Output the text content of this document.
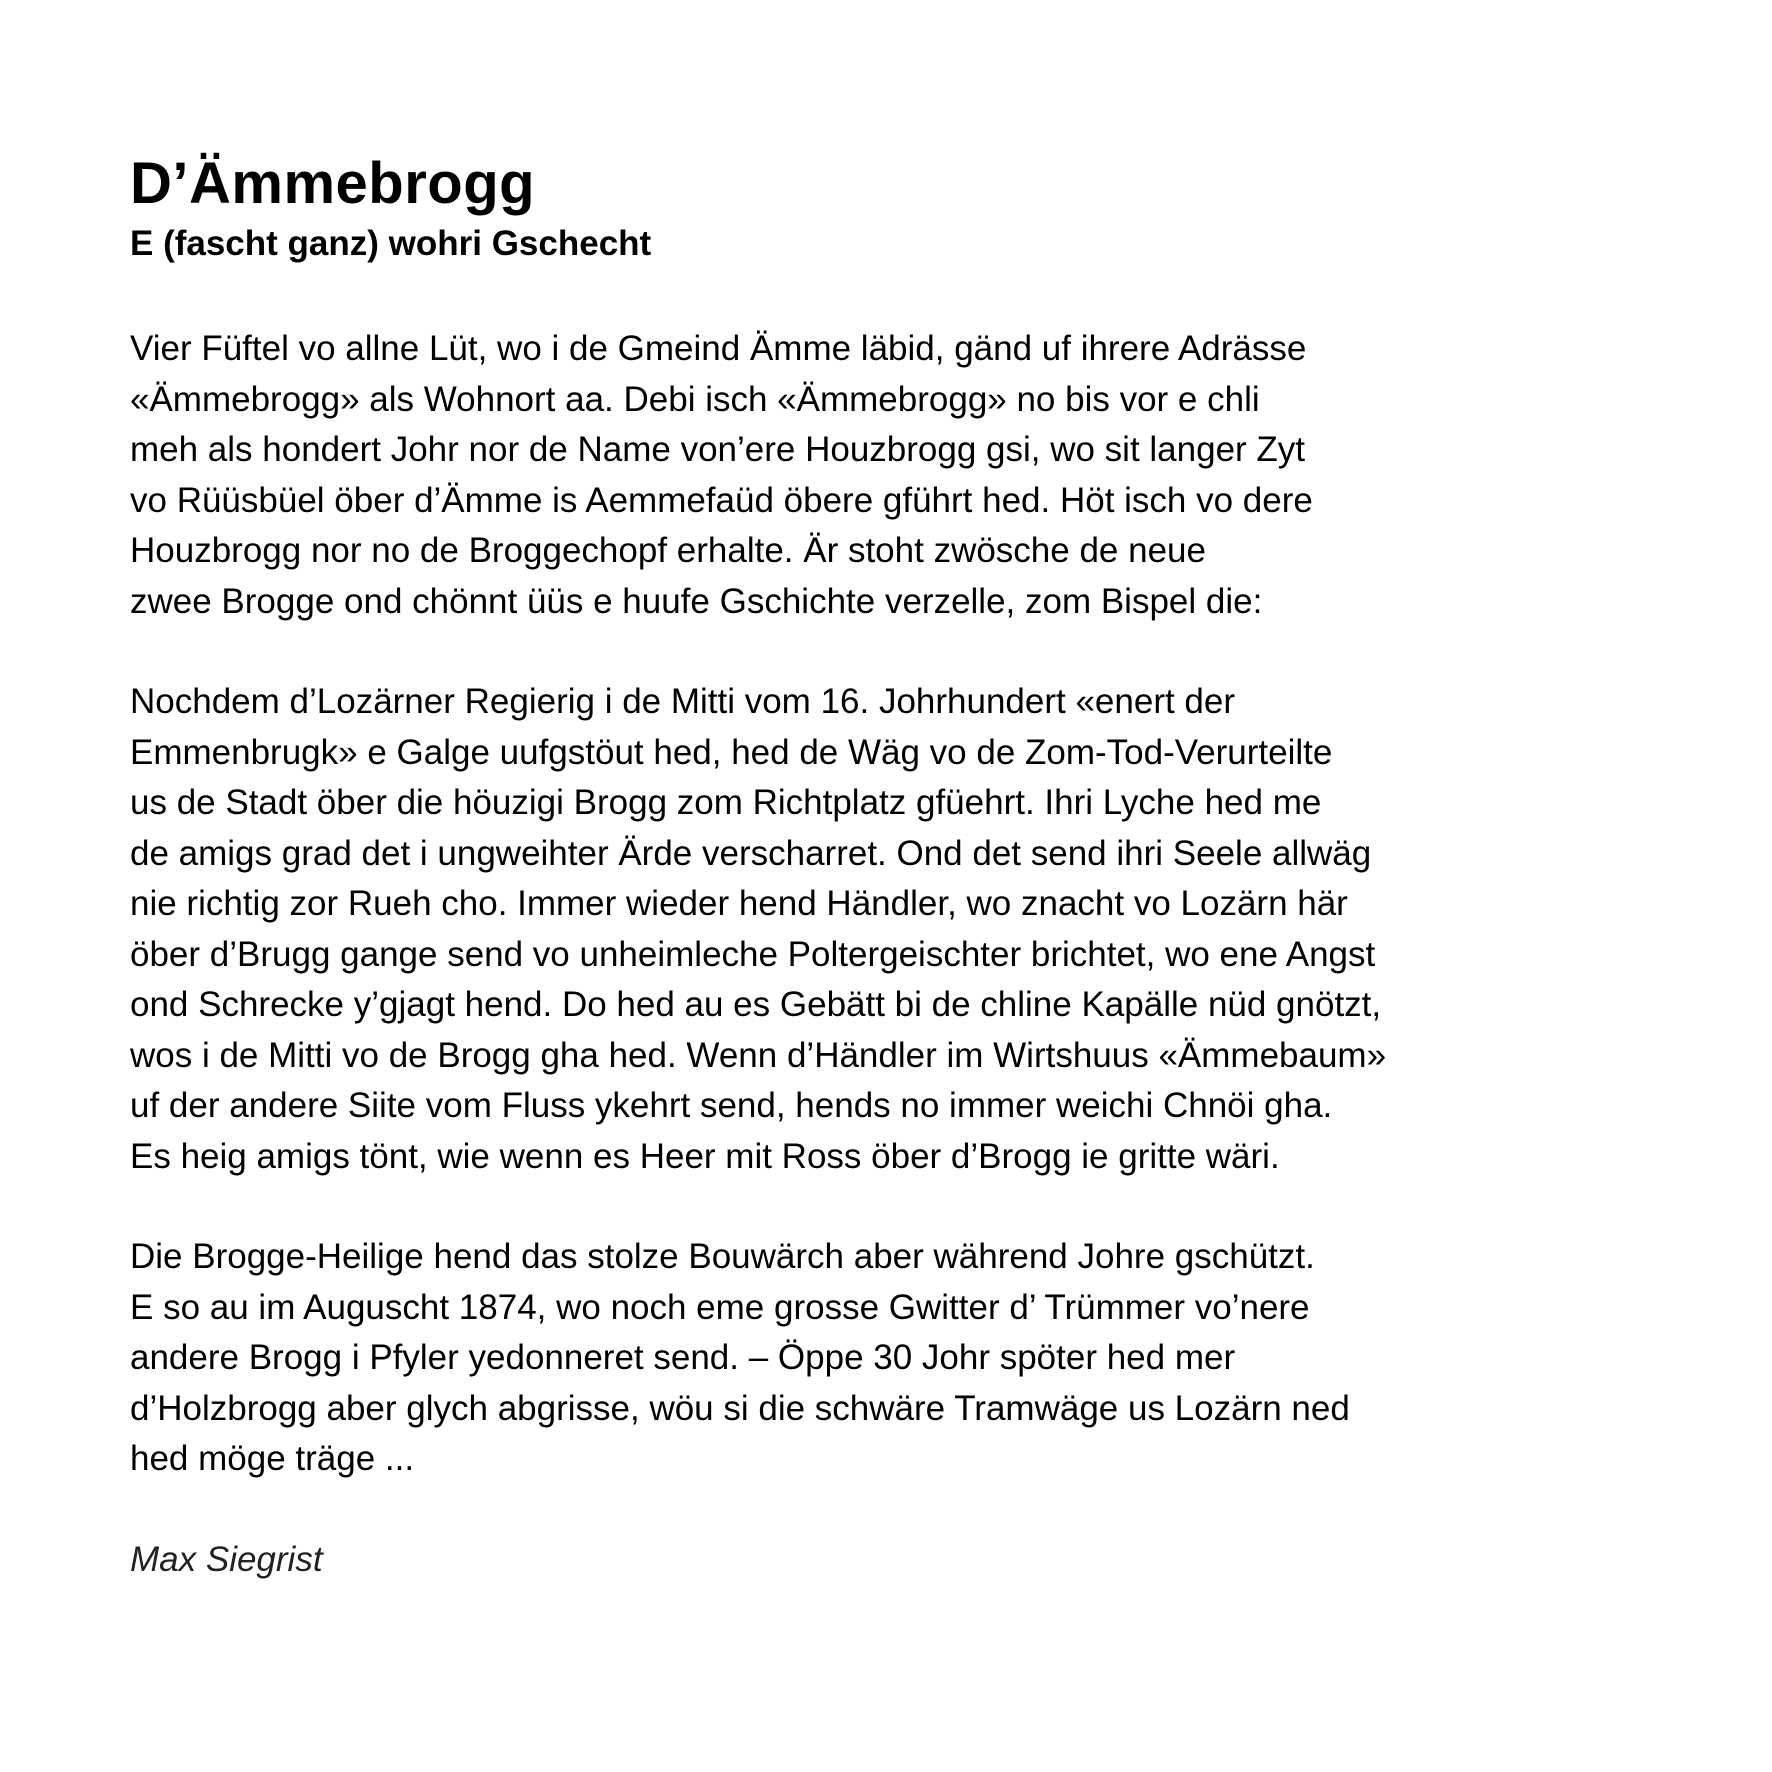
D’Ämmebrogg
E (fascht ganz) wohri Gschecht

Vier Füftel vo allne Lüt, wo i de Gmeind Ämme läbid, gänd uf ihrere Adrässe
«Ämmebrogg» als Wohnort aa. Debi isch «Ämmebrogg» no bis vor e chli
meh als hondert Johr nor de Name von’ere Houzbrogg gsi, wo sit langer Zyt
vo Rüüsbüel öber d’Ämme is Aemmefaüd öbere gführt hed. Höt isch vo dere
Houzbrogg nor no de Broggechopf erhalte. Är stoht zwösche de neue
zwee Brogge ond chönnt üüs e huufe Gschichte verzelle, zom Bispel die:

Nochdem d’Lozärner Regierig i de Mitti vom 16. Johrhundert «enert der
Emmenbrugk» e Galge uufgstöut hed, hed de Wäg vo de Zom-Tod-Verurteilte
us de Stadt öber die höuzigi Brogg zom Richtplatz gfüehrt. Ihri Lyche hed me
de amigs grad det i ungweihter Ärde verscharret. Ond det send ihri Seele allwäg
nie richtig zor Rueh cho. Immer wieder hend Händler, wo znacht vo Lozärn här
öber d’Brugg gange send vo unheimleche Poltergeischter brichtet, wo ene Angst
ond Schrecke y’gjagt hend. Do hed au es Gebätt bi de chline Kapälle nüd gnötzt,
wos i de Mitti vo de Brogg gha hed. Wenn d’Händler im Wirtshuus «Ämmebaum»
uf der andere Siite vom Fluss ykehrt send, hends no immer weichi Chnöi gha.
Es heig amigs tönt, wie wenn es Heer mit Ross öber d’Brogg ie gritte wäri.

Die Brogge-Heilige hend das stolze Bouwärch aber während Johre gschützt.
E so au im Auguscht 1874, wo noch eme grosse Gwitter d’ Trümmer vo’nere
andere Brogg i Pfyler yedonneret send. – Öppe 30 Johr spöter hed mer
d’Holzbrogg aber glych abgrisse, wöu si die schwäre Tramwäge us Lozärn ned
hed möge träge ...

Max Siegrist
